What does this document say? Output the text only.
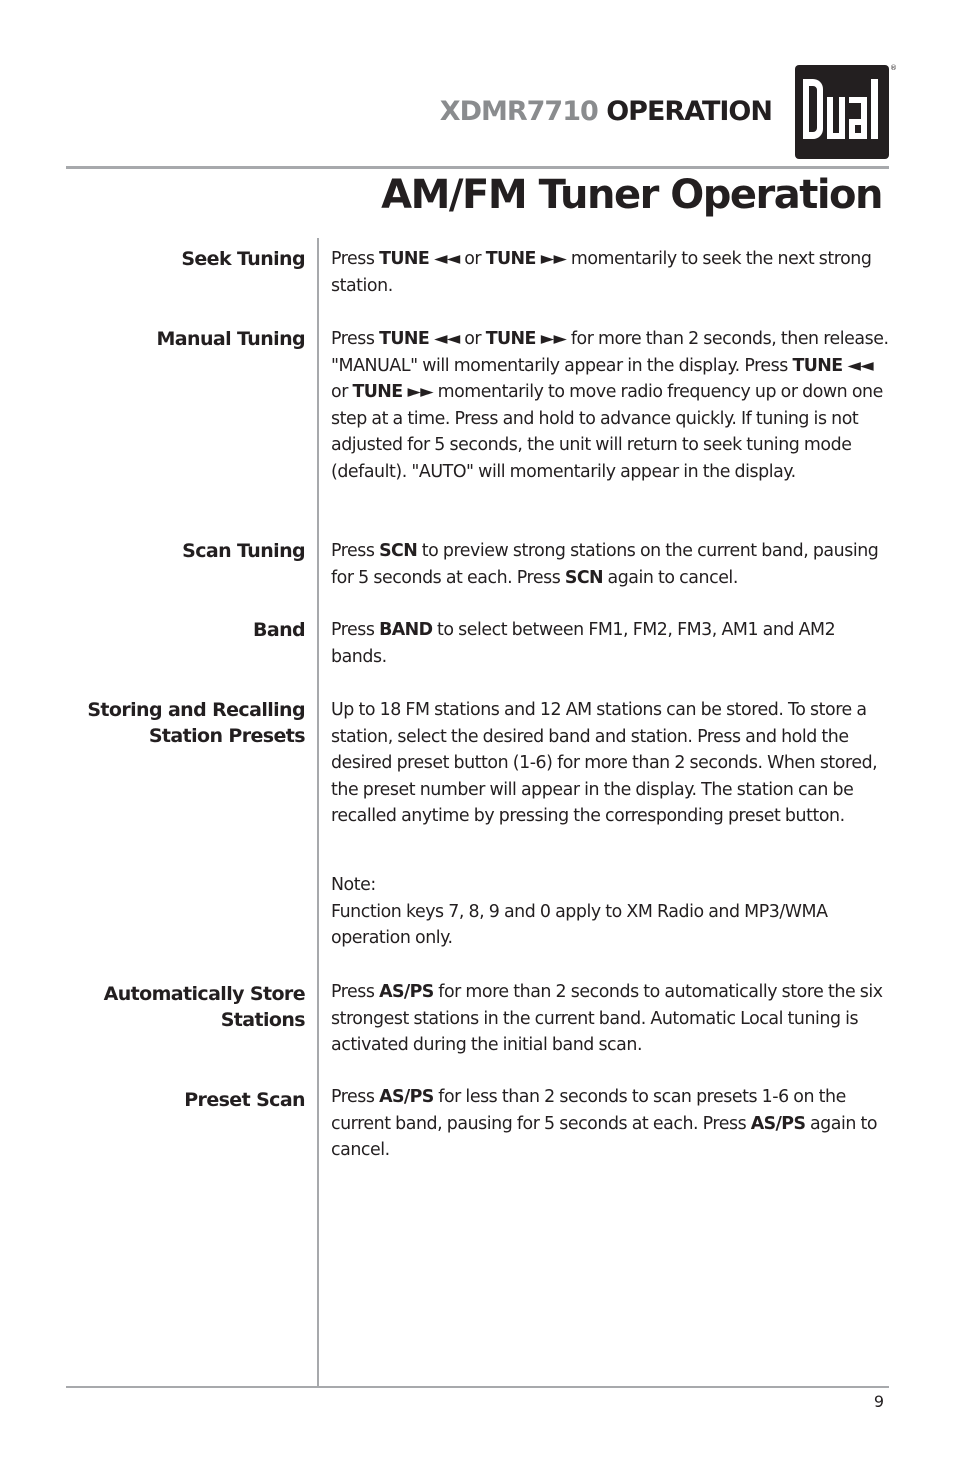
XDMR7710 OPERATION
®
AM/FM Tuner Operation
Seek Tuning Press TUNE ◄◄ or TUNE ►► momentarily to seek the next strong station.
Manual Tuning Press TUNE ◄◄ or TUNE ►► for more than 2 seconds, then release. "MANUAL" will momentarily appear in the display. Press TUNE ◄◄ or TUNE ►► momentarily to move radio frequency up or down one step at a time. Press and hold to advance quickly. If tuning is not adjusted for 5 seconds, the unit will return to seek tuning mode (default). "AUTO" will momentarily appear in the display.
Scan Tuning Press SCN to preview strong stations on the current band, pausing for 5 seconds at each. Press SCN again to cancel.
Band Press BAND to select between FM1, FM2, FM3, AM1 and AM2 bands.
Storing and Recalling
Station Presets
Up to 18 FM stations and 12 AM stations can be stored. To store a station, select the desired band and station. Press and hold the desired preset button (1-6) for more than 2 seconds. When stored, the preset number will appear in the display. The station can be recalled anytime by pressing the corresponding preset button.
Note:
Function keys 7, 8, 9 and 0 apply to XM Radio and MP3/WMA operation only.
Automatically Store
Stations
Press AS/PS for more than 2 seconds to automatically store the six strongest stations in the current band. Automatic Local tuning is activated during the initial band scan.
Preset Scan Press AS/PS for less than 2 seconds to scan presets 1-6 on the current band, pausing for 5 seconds at each. Press AS/PS again to cancel.
9
